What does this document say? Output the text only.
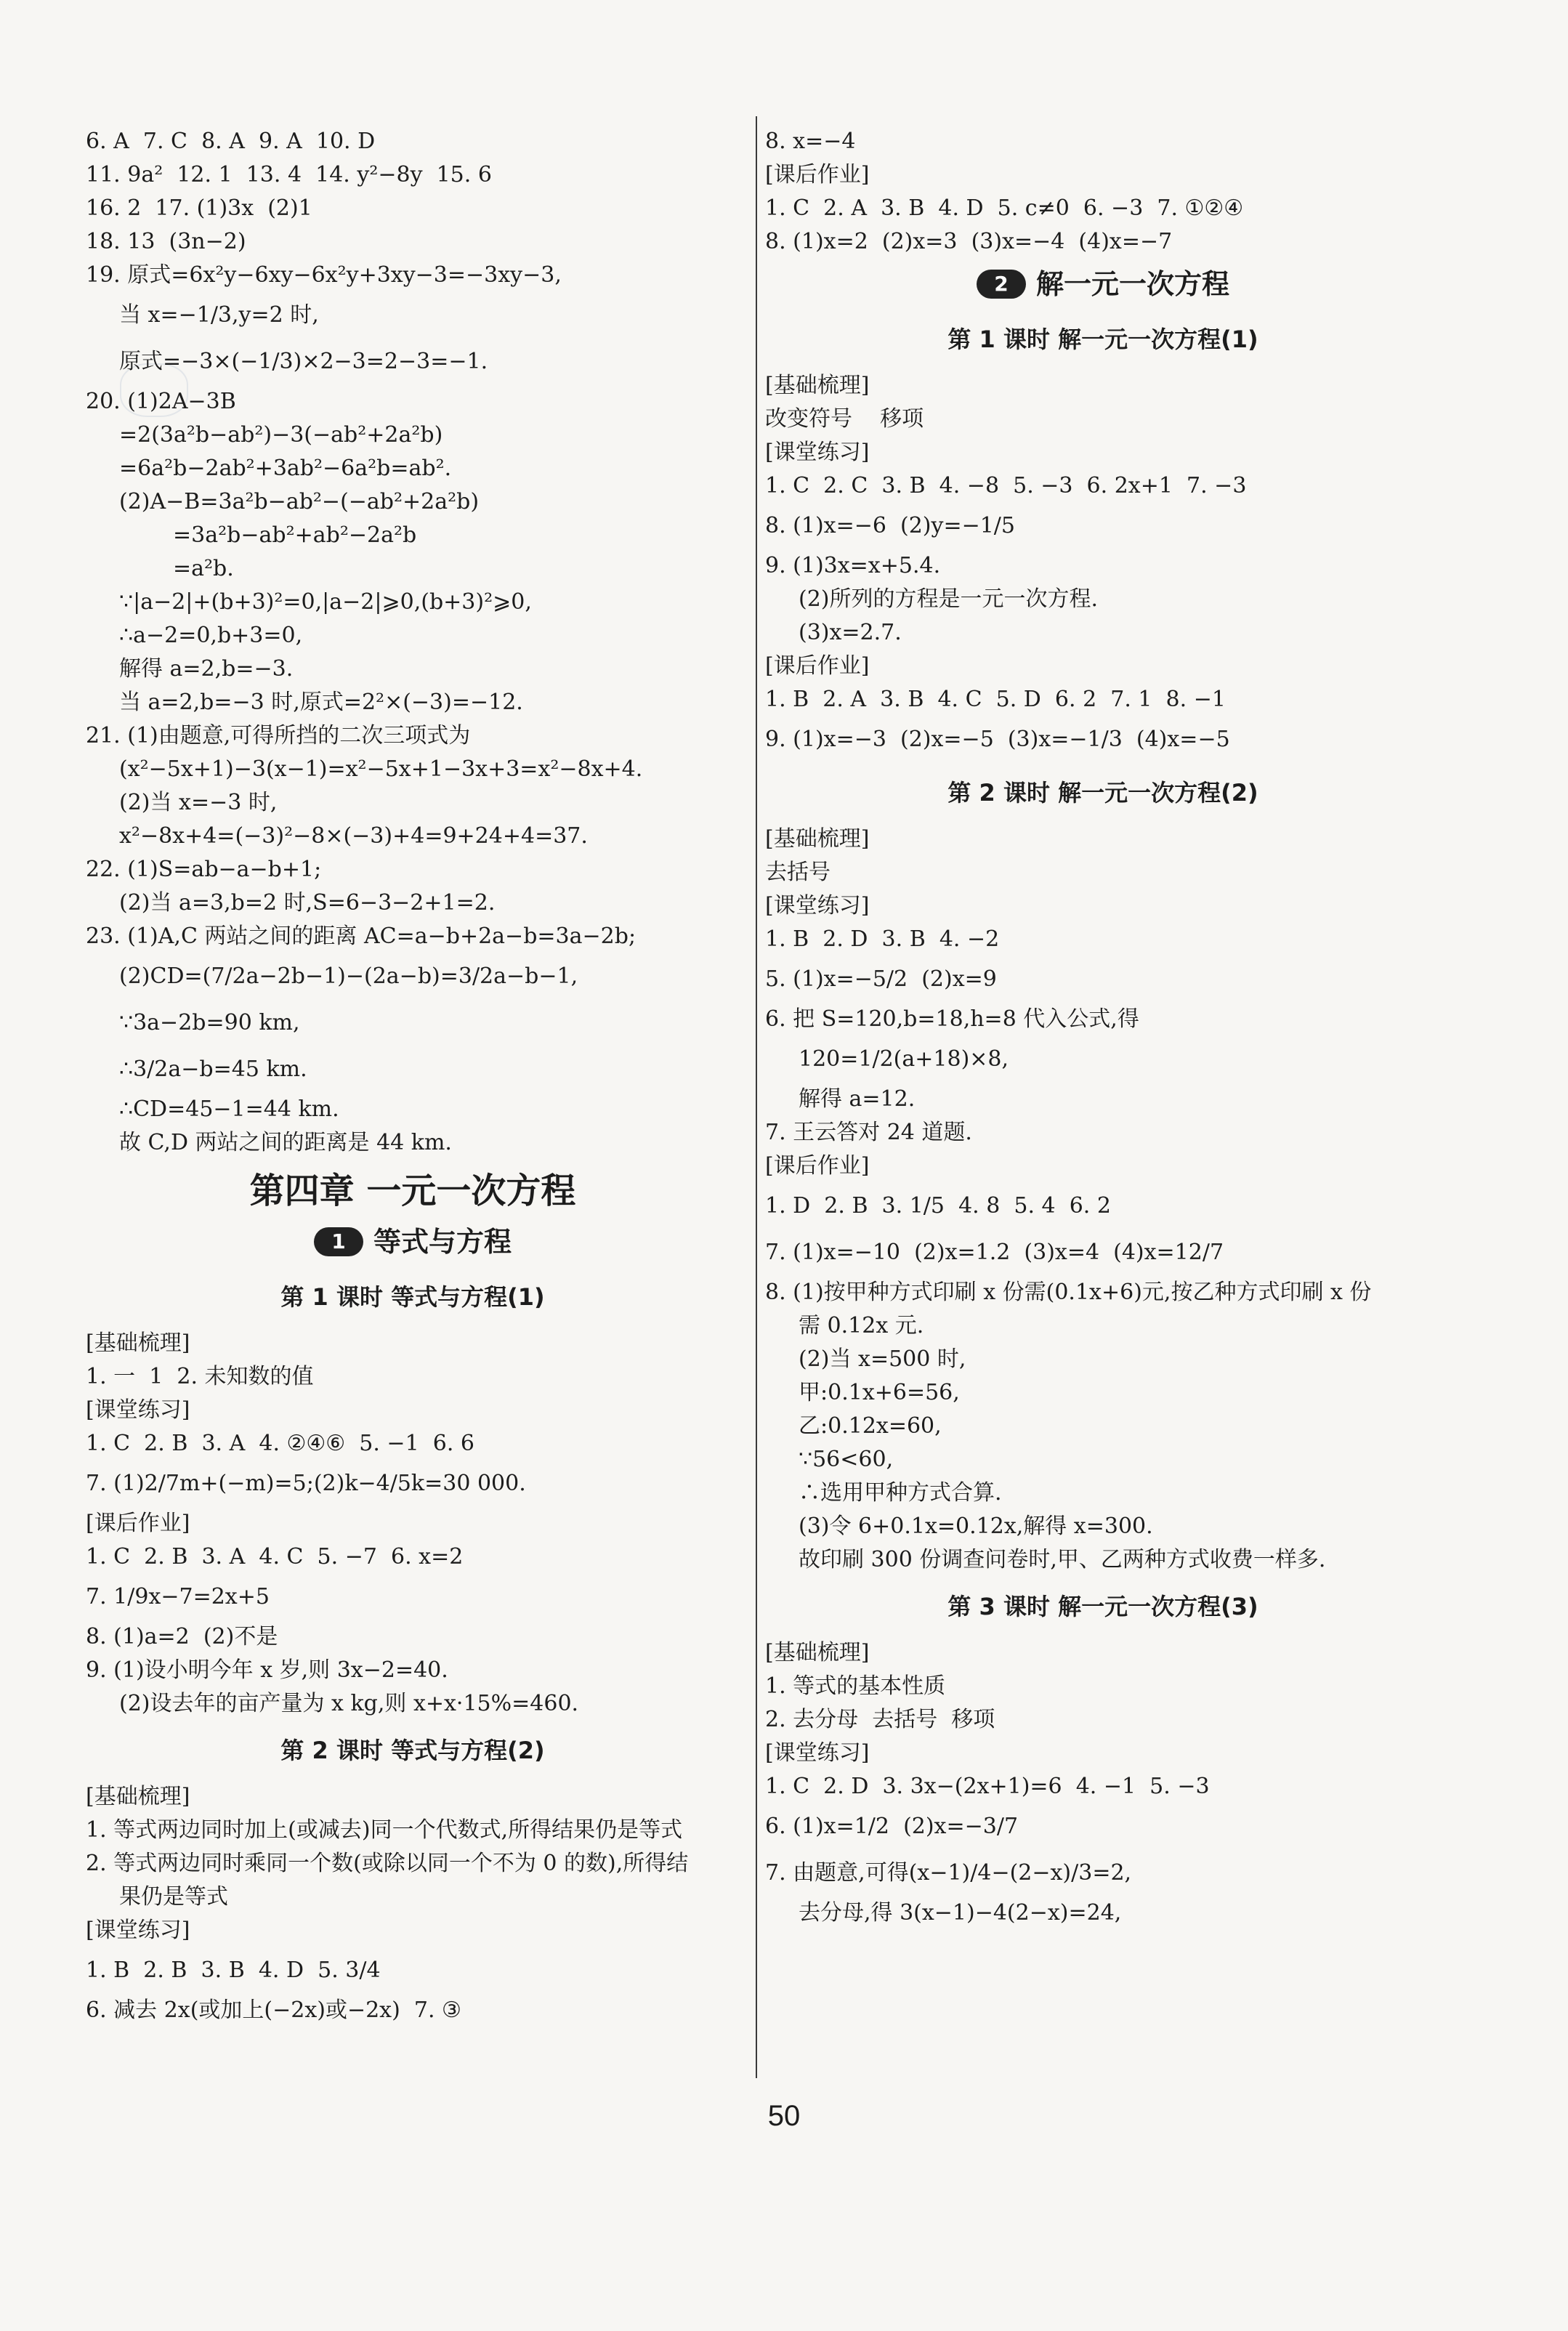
6. A  7. C  8. A  9. A  10. D
11. 9a²  12. 1  13. 4  14. y²−8y  15. 6
16. 2  17. (1)3x  (2)1
18. 13  (3n−2)
19. 原式=6x²y−6xy−6x²y+3xy−3=−3xy−3,
当 x=−1/3,y=2 时,
原式=−3×(−1/3)×2−3=2−3=−1.
20. (1)2A−3B
=2(3a²b−ab²)−3(−ab²+2a²b)
=6a²b−2ab²+3ab²−6a²b=ab².
(2)A−B=3a²b−ab²−(−ab²+2a²b)
=3a²b−ab²+ab²−2a²b
=a²b.
∵|a−2|+(b+3)²=0,|a−2|⩾0,(b+3)²⩾0,
∴a−2=0,b+3=0,
解得 a=2,b=−3.
当 a=2,b=−3 时,原式=2²×(−3)=−12.
21. (1)由题意,可得所挡的二次三项式为
(x²−5x+1)−3(x−1)=x²−5x+1−3x+3=x²−8x+4.
(2)当 x=−3 时,
x²−8x+4=(−3)²−8×(−3)+4=9+24+4=37.
22. (1)S=ab−a−b+1;
(2)当 a=3,b=2 时,S=6−3−2+1=2.
23. (1)A,C 两站之间的距离 AC=a−b+2a−b=3a−2b;
(2)CD=(7/2a−2b−1)−(2a−b)=3/2a−b−1,
∵3a−2b=90 km,
∴3/2a−b=45 km.
∴CD=45−1=44 km.
故 C,D 两站之间的距离是 44 km.
第四章 一元一次方程
1 等式与方程
第 1 课时 等式与方程(1)
[基础梳理]
1. 一  1  2. 未知数的值
[课堂练习]
1. C  2. B  3. A  4. ②④⑥  5. −1  6. 6
7. (1)2/7m+(−m)=5;(2)k−4/5k=30 000.
[课后作业]
1. C  2. B  3. A  4. C  5. −7  6. x=2
7. 1/9x−7=2x+5
8. (1)a=2  (2)不是
9. (1)设小明今年 x 岁,则 3x−2=40.
(2)设去年的亩产量为 x kg,则 x+x·15%=460.
第 2 课时 等式与方程(2)
[基础梳理]
1. 等式两边同时加上(或减去)同一个代数式,所得结果仍是等式
2. 等式两边同时乘同一个数(或除以同一个不为 0 的数),所得结
果仍是等式
[课堂练习]
1. B  2. B  3. B  4. D  5. 3/4
6. 减去 2x(或加上(−2x)或−2x)  7. ③
8. x=−4
[课后作业]
1. C  2. A  3. B  4. D  5. c≠0  6. −3  7. ①②④
8. (1)x=2  (2)x=3  (3)x=−4  (4)x=−7
2 解一元一次方程
第 1 课时 解一元一次方程(1)
[基础梳理]
改变符号    移项
[课堂练习]
1. C  2. C  3. B  4. −8  5. −3  6. 2x+1  7. −3
8. (1)x=−6  (2)y=−1/5
9. (1)3x=x+5.4.
(2)所列的方程是一元一次方程.
(3)x=2.7.
[课后作业]
1. B  2. A  3. B  4. C  5. D  6. 2  7. 1  8. −1
9. (1)x=−3  (2)x=−5  (3)x=−1/3  (4)x=−5
第 2 课时 解一元一次方程(2)
[基础梳理]
去括号
[课堂练习]
1. B  2. D  3. B  4. −2
5. (1)x=−5/2  (2)x=9
6. 把 S=120,b=18,h=8 代入公式,得
120=1/2(a+18)×8,
解得 a=12.
7. 王云答对 24 道题.
[课后作业]
1. D  2. B  3. 1/5  4. 8  5. 4  6. 2
7. (1)x=−10  (2)x=1.2  (3)x=4  (4)x=12/7
8. (1)按甲种方式印刷 x 份需(0.1x+6)元,按乙种方式印刷 x 份
需 0.12x 元.
(2)当 x=500 时,
甲:0.1x+6=56,
乙:0.12x=60,
∵56<60,
∴选用甲种方式合算.
(3)令 6+0.1x=0.12x,解得 x=300.
故印刷 300 份调查问卷时,甲、乙两种方式收费一样多.
第 3 课时 解一元一次方程(3)
[基础梳理]
1. 等式的基本性质
2. 去分母  去括号  移项
[课堂练习]
1. C  2. D  3. 3x−(2x+1)=6  4. −1  5. −3
6. (1)x=1/2  (2)x=−3/7
7. 由题意,可得(x−1)/4−(2−x)/3=2,
去分母,得 3(x−1)−4(2−x)=24,
50
